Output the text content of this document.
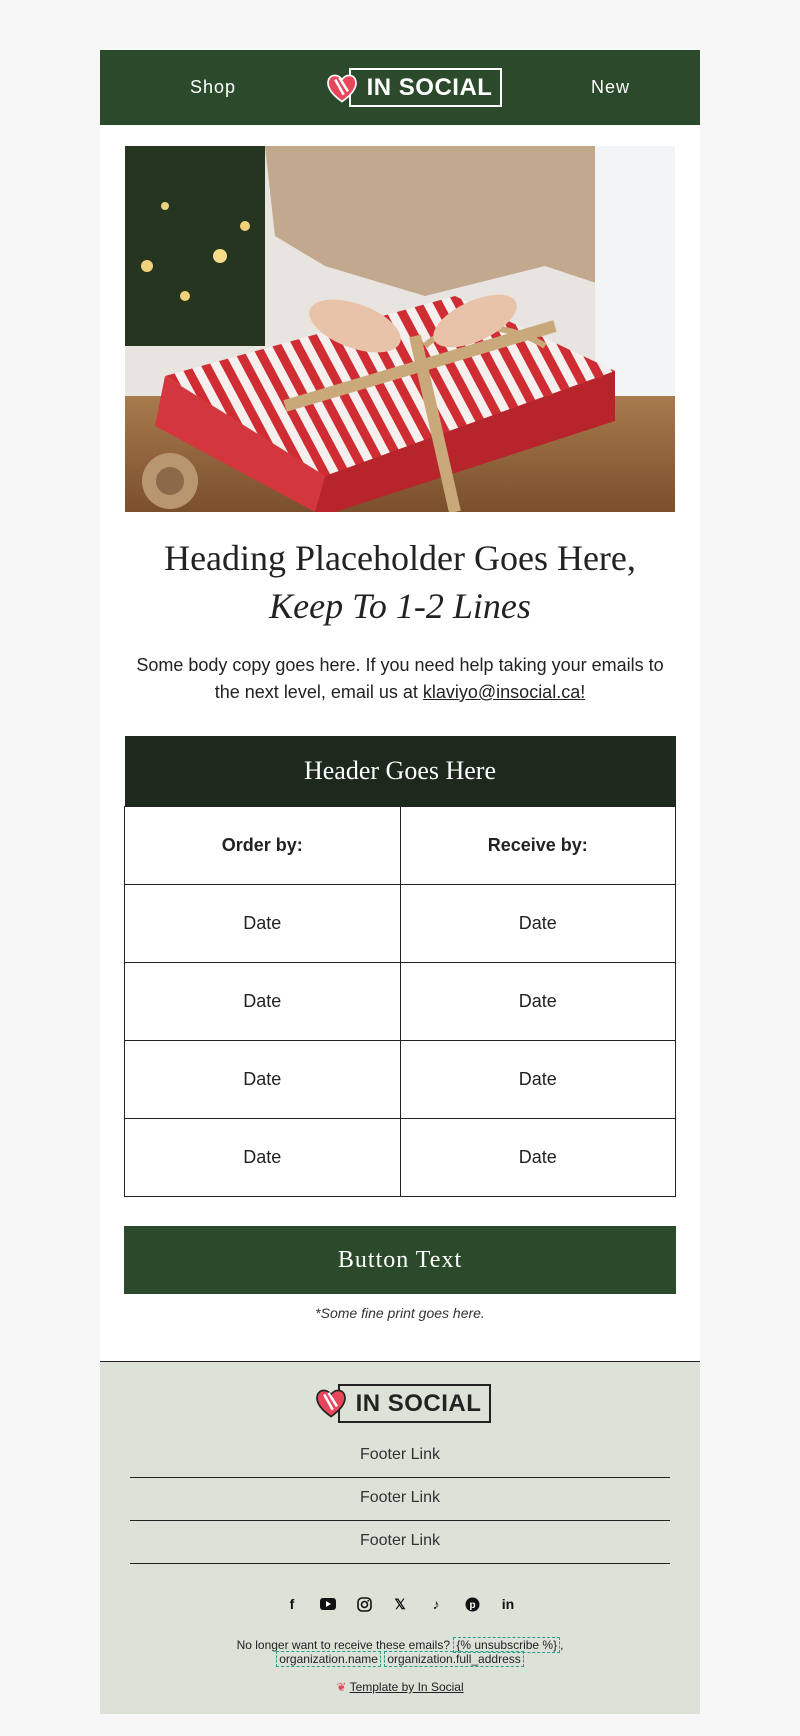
Shop	IN SOCIAL	New
Heading Placeholder Goes Here,
Keep To 1-2 Lines

Some body copy goes here. If you need help taking your emails to the next level, email us at klaviyo@insocial.ca!

Header Goes Here	
Order by:	Receive by:
Date	Date
Date	Date
Date	Date
Date	Date
Button Text

*Some fine print goes here.

IN SOCIAL
Footer Link
Footer Link
Footer Link
f	𝕏	♪	p in
No longer want to receive these emails? {% unsubscribe %} ,
organization.name organization.full_address
❦ Template by In Social
